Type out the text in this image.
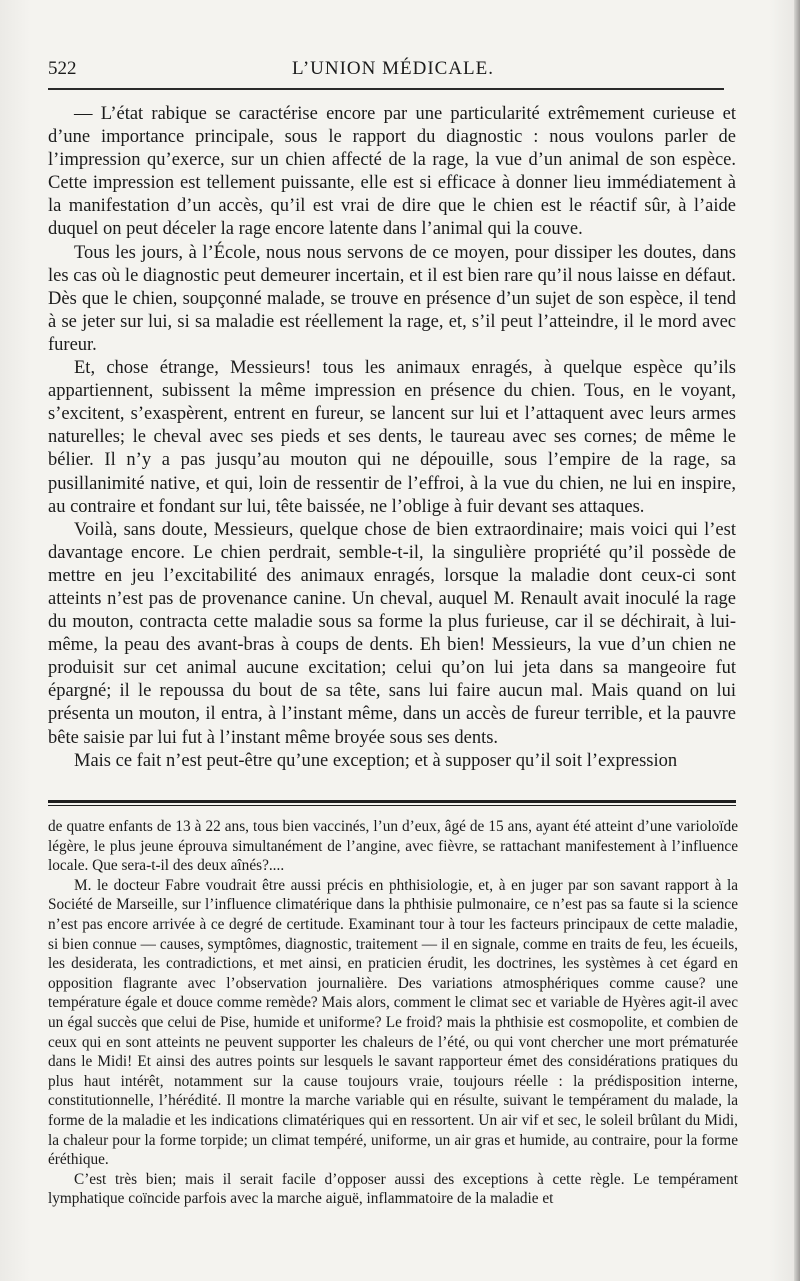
522	L’UNION MÉDICALE.

— L’état rabique se caractérise encore par une particularité extrêmement curieuse et d’une importance principale, sous le rapport du diagnostic : nous voulons parler de l’impression qu’exerce, sur un chien affecté de la rage, la vue d’un animal de son espèce. Cette impression est tellement puissante, elle est si efficace à donner lieu immédiatement à la manifestation d’un accès, qu’il est vrai de dire que le chien est le réactif sûr, à l’aide duquel on peut déceler la rage encore latente dans l’animal qui la couve.

Tous les jours, à l’École, nous nous servons de ce moyen, pour dissiper les doutes, dans les cas où le diagnostic peut demeurer incertain, et il est bien rare qu’il nous laisse en défaut. Dès que le chien, soupçonné malade, se trouve en présence d’un sujet de son espèce, il tend à se jeter sur lui, si sa maladie est réellement la rage, et, s’il peut l’atteindre, il le mord avec fureur.

Et, chose étrange, Messieurs! tous les animaux enragés, à quelque espèce qu’ils appartiennent, subissent la même impression en présence du chien. Tous, en le voyant, s’excitent, s’exaspèrent, entrent en fureur, se lancent sur lui et l’attaquent avec leurs armes naturelles; le cheval avec ses pieds et ses dents, le taureau avec ses cornes; de même le bélier. Il n’y a pas jusqu’au mouton qui ne dépouille, sous l’empire de la rage, sa pusillanimité native, et qui, loin de ressentir de l’effroi, à la vue du chien, ne lui en inspire, au contraire et fondant sur lui, tête baissée, ne l’oblige à fuir devant ses attaques.

Voilà, sans doute, Messieurs, quelque chose de bien extraordinaire; mais voici qui l’est davantage encore. Le chien perdrait, semble-t-il, la singulière propriété qu’il possède de mettre en jeu l’excitabilité des animaux enragés, lorsque la maladie dont ceux-ci sont atteints n’est pas de provenance canine. Un cheval, auquel M. Renault avait inoculé la rage du mouton, contracta cette maladie sous sa forme la plus furieuse, car il se déchirait, à lui-même, la peau des avant-bras à coups de dents. Eh bien! Messieurs, la vue d’un chien ne produisit sur cet animal aucune excitation; celui qu’on lui jeta dans sa mangeoire fut épargné; il le repoussa du bout de sa tête, sans lui faire aucun mal. Mais quand on lui présenta un mouton, il entra, à l’instant même, dans un accès de fureur terrible, et la pauvre bête saisie par lui fut à l’instant même broyée sous ses dents.

Mais ce fait n’est peut-être qu’une exception; et à supposer qu’il soit l’expression

de quatre enfants de 13 à 22 ans, tous bien vaccinés, l’un d’eux, âgé de 15 ans, ayant été atteint d’une varioloïde légère, le plus jeune éprouva simultanément de l’angine, avec fièvre, se rattachant manifestement à l’influence locale. Que sera-t-il des deux aînés?....

M. le docteur Fabre voudrait être aussi précis en phthisiologie, et, à en juger par son savant rapport à la Société de Marseille, sur l’influence climatérique dans la phthisie pulmonaire, ce n’est pas sa faute si la science n’est pas encore arrivée à ce degré de certitude. Examinant tour à tour les facteurs principaux de cette maladie, si bien connue — causes, symptômes, diagnostic, traitement — il en signale, comme en traits de feu, les écueils, les desiderata, les contradictions, et met ainsi, en praticien érudit, les doctrines, les systèmes à cet égard en opposition flagrante avec l’observation journalière. Des variations atmosphériques comme cause? une température égale et douce comme remède? Mais alors, comment le climat sec et variable de Hyères agit-il avec un égal succès que celui de Pise, humide et uniforme? Le froid? mais la phthisie est cosmopolite, et combien de ceux qui en sont atteints ne peuvent supporter les chaleurs de l’été, ou qui vont chercher une mort prématurée dans le Midi! Et ainsi des autres points sur lesquels le savant rapporteur émet des considérations pratiques du plus haut intérêt, notamment sur la cause toujours vraie, toujours réelle : la prédisposition interne, constitutionnelle, l’hérédité. Il montre la marche variable qui en résulte, suivant le tempérament du malade, la forme de la maladie et les indications climatériques qui en ressortent. Un air vif et sec, le soleil brûlant du Midi, la chaleur pour la forme torpide; un climat tempéré, uniforme, un air gras et humide, au contraire, pour la forme éréthique.

C’est très bien; mais il serait facile d’opposer aussi des exceptions à cette règle. Le tempérament lymphatique coïncide parfois avec la marche aiguë, inflammatoire de la maladie et
